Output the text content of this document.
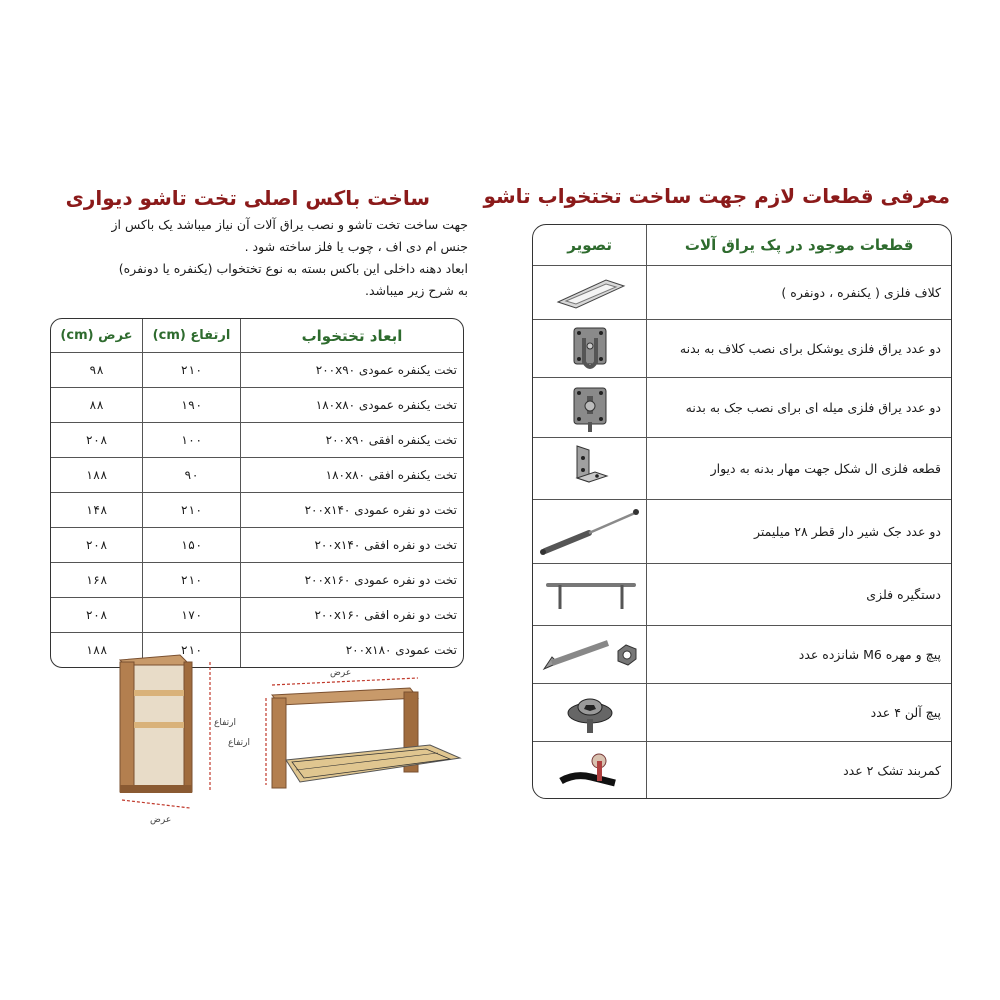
ساخت باکس اصلی تخت تاشو دیواری
جهت ساخت تخت تاشو و نصب یراق آلات آن نیاز میباشد یک باکس از
جنس ام دی اف ، چوب یا فلز ساخته شود .
ابعاد دهنه داخلی این باکس بسته به نوع تختخواب (یکنفره یا دونفره)
به شرح زیر میباشد.
ابعاد تختخواب	ارتفاع (cm)	عرض (cm)
تخت یکنفره عمودی ۲۰۰x۹۰	۲۱۰	۹۸
تخت یکنفره عمودی ۱۸۰x۸۰	۱۹۰	۸۸
تخت یکنفره افقی ۲۰۰x۹۰	۱۰۰	۲۰۸
تخت یکنفره افقی ۱۸۰x۸۰	۹۰	۱۸۸
تخت دو نفره عمودی ۲۰۰x۱۴۰	۲۱۰	۱۴۸
تخت دو نفره افقی ۲۰۰x۱۴۰	۱۵۰	۲۰۸
تخت دو نفره عمودی ۲۰۰x۱۶۰	۲۱۰	۱۶۸
تخت دو نفره افقی ۲۰۰x۱۶۰	۱۷۰	۲۰۸
تخت عمودی ۲۰۰x۱۸۰	۲۱۰	۱۸۸
ارتفاع
عرض
عرض
ارتفاع
معرفی قطعات لازم جهت ساخت تختخواب تاشو
قطعات موجود در پک یراق آلات	تصویر
کلاف فلزی ( یکنفره ، دونفره )	

دو عدد یراق فلزی یوشکل برای نصب کلاف به بدنه	

دو عدد یراق فلزی میله ای برای نصب جک به بدنه	

قطعه فلزی ال شکل جهت مهار بدنه به دیوار	

دو عدد جک شیر دار قطر ۲۸ میلیمتر	

دستگیره فلزی	

پیچ و مهره M6 شانزده عدد	

پیچ آلن ۴ عدد	

کمربند تشک ۲ عدد	
